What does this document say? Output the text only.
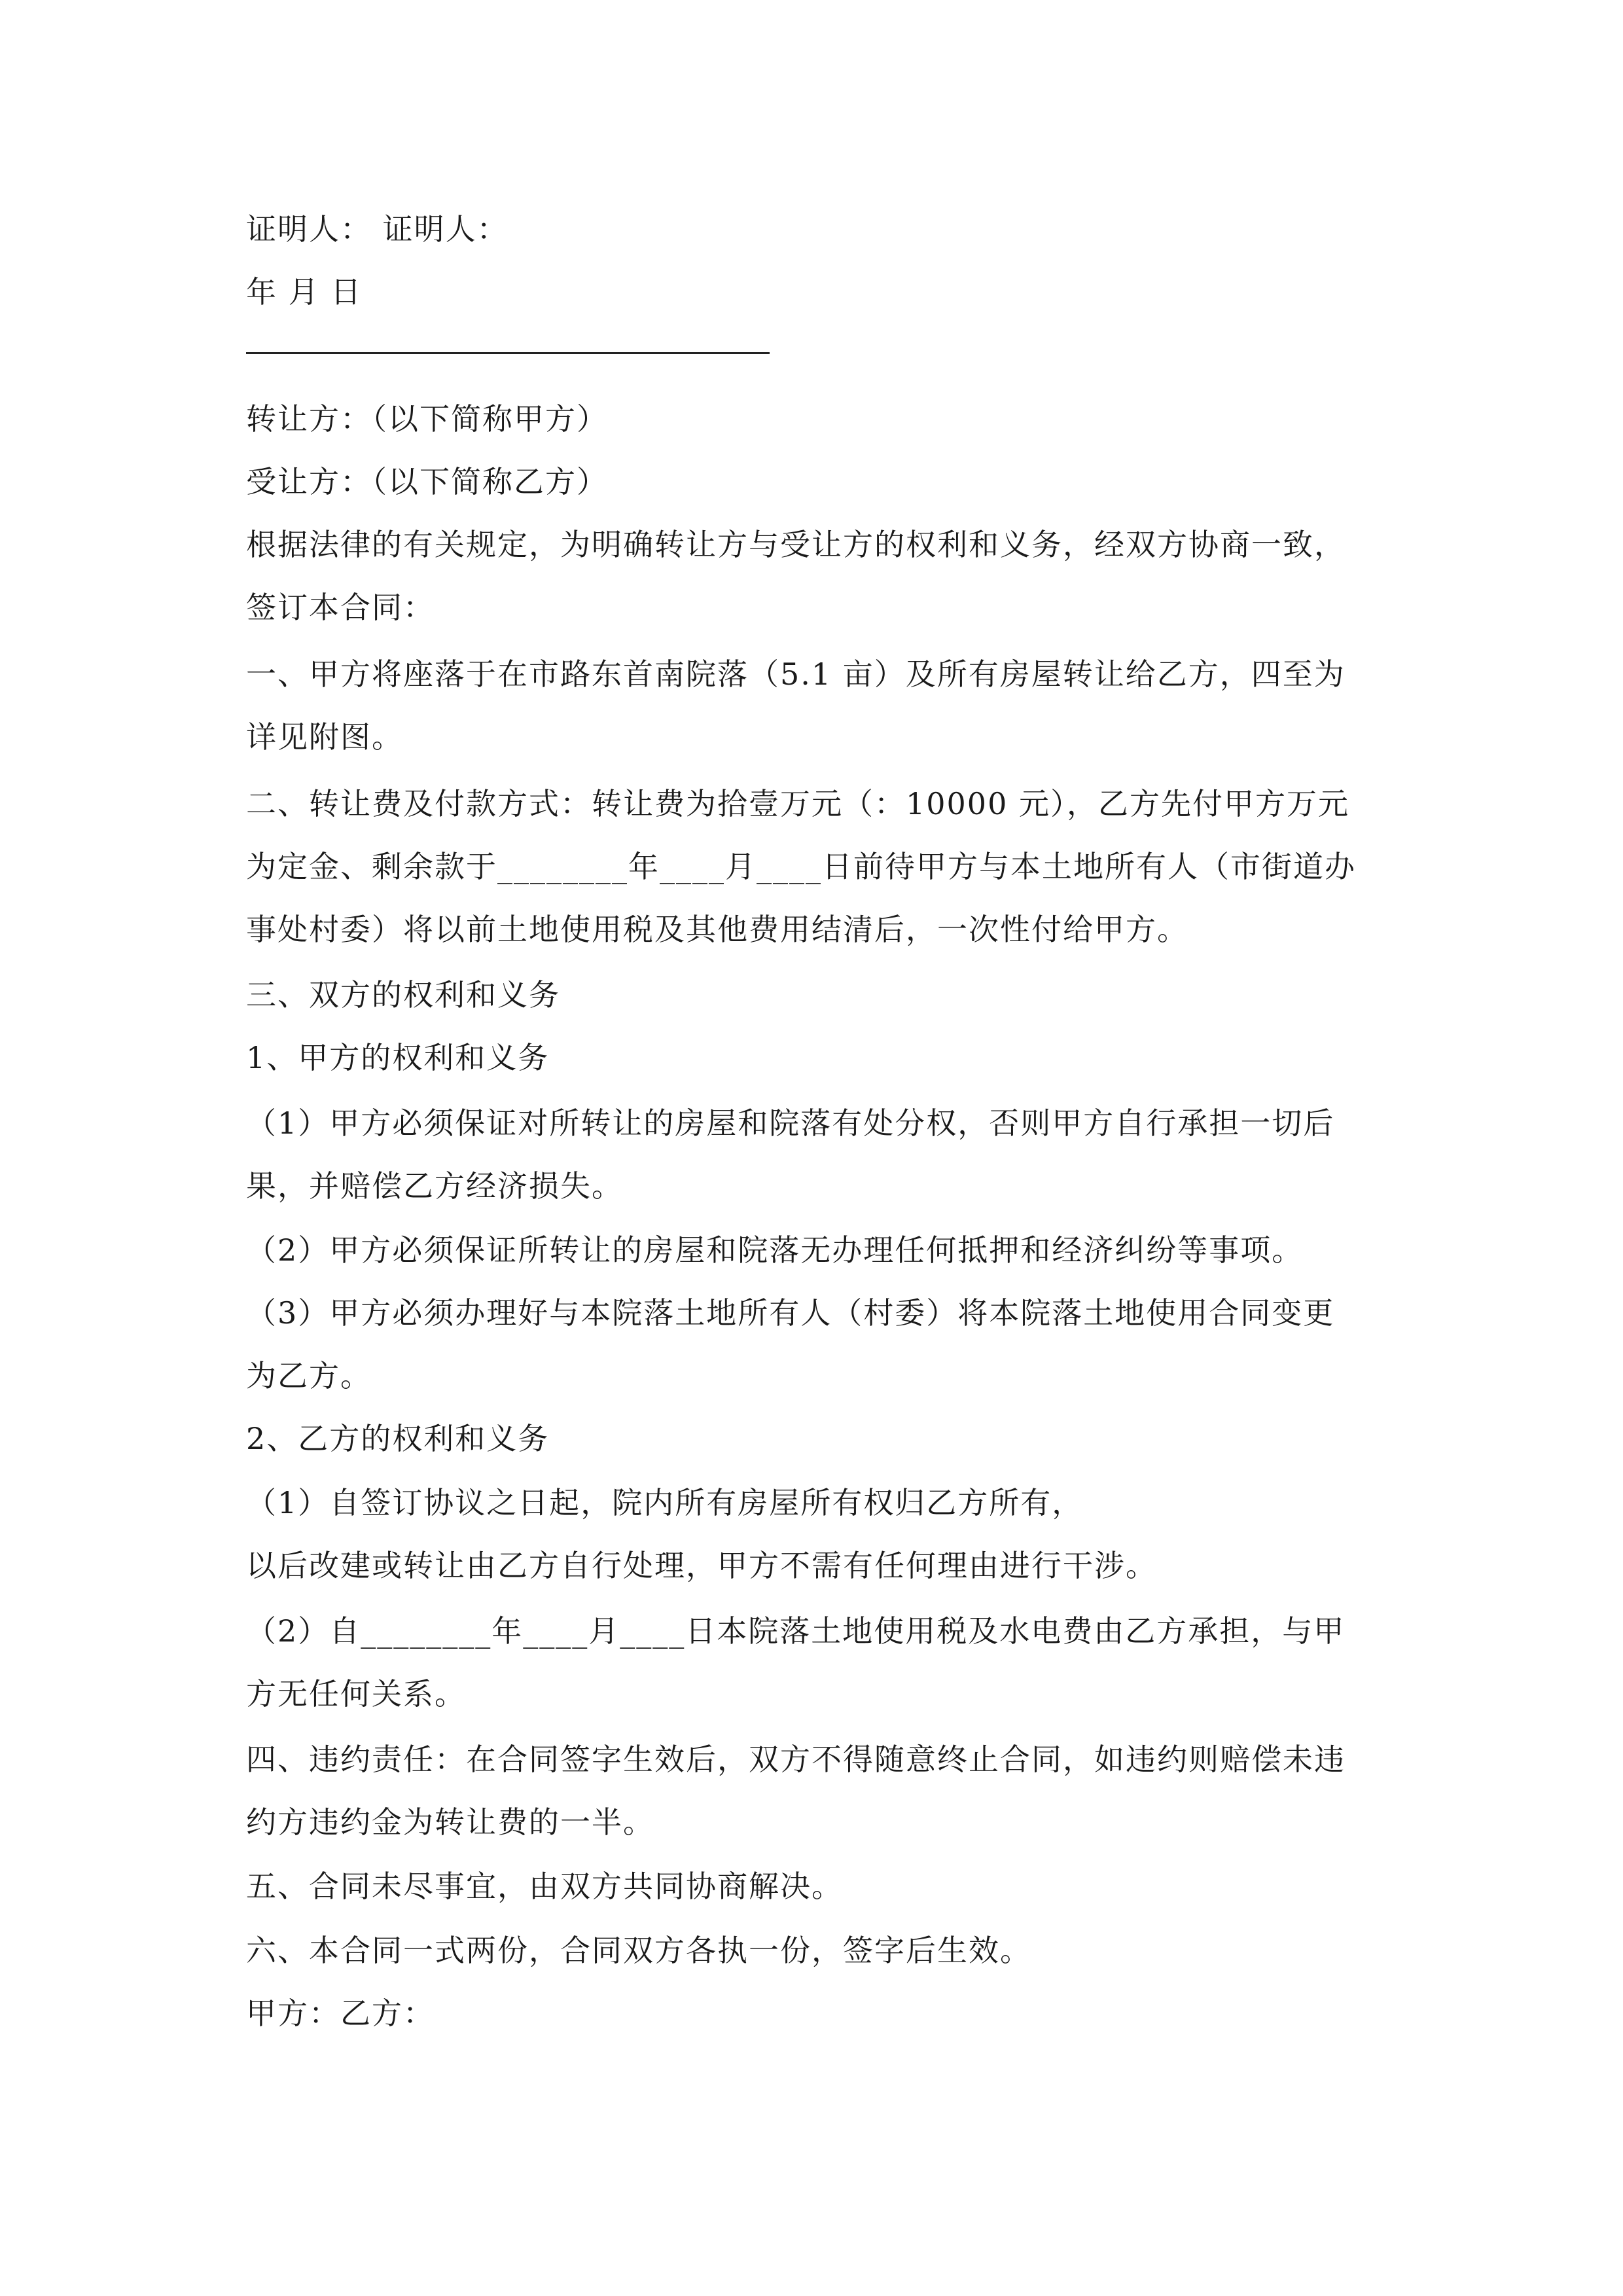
证明人： 证明人：
年 月 日
转让方：（以下简称甲方）
受让方：（以下简称乙方）
根据法律的有关规定，为明确转让方与受让方的权利和义务，经双方协商一致，
签订本合同：
一、甲方将座落于在市路东首南院落（5.1 亩）及所有房屋转让给乙方，四至为
详见附图。
二、转让费及付款方式：转让费为拾壹万元（：10000 元），乙方先付甲方万元
为定金、剩余款于________年____月____日前待甲方与本土地所有人（市街道办
事处村委）将以前土地使用税及其他费用结清后，一次性付给甲方。
三、双方的权利和义务
1、甲方的权利和义务
（1）甲方必须保证对所转让的房屋和院落有处分权，否则甲方自行承担一切后
果，并赔偿乙方经济损失。
（2）甲方必须保证所转让的房屋和院落无办理任何抵押和经济纠纷等事项。
（3）甲方必须办理好与本院落土地所有人（村委）将本院落土地使用合同变更
为乙方。
2、乙方的权利和义务
（1）自签订协议之日起，院内所有房屋所有权归乙方所有，
以后改建或转让由乙方自行处理，甲方不需有任何理由进行干涉。
（2）自________年____月____日本院落土地使用税及水电费由乙方承担，与甲
方无任何关系。
四、违约责任：在合同签字生效后，双方不得随意终止合同，如违约则赔偿未违
约方违约金为转让费的一半。
五、合同未尽事宜，由双方共同协商解决。
六、本合同一式两份，合同双方各执一份，签字后生效。
甲方：乙方：
